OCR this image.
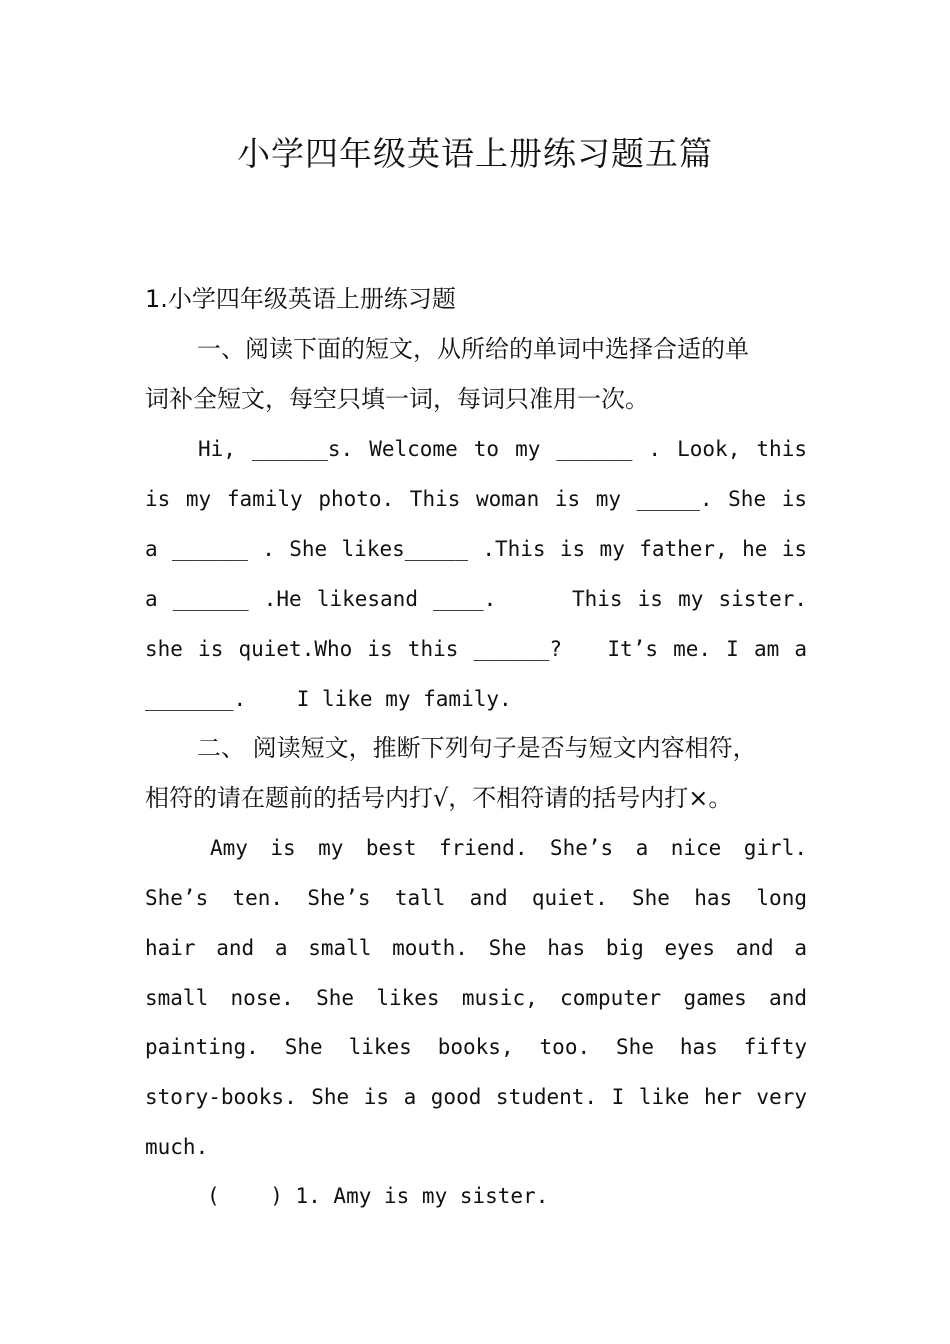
小学四年级英语上册练习题五篇
1.小学四年级英语上册练习题
一、阅读下面的短文，从所给的单词中选择合适的单
词补全短文，每空只填一词，每词只准用一次。
Hi, ______s. Welcome to my ______ . Look, this
is my family photo. This woman is my _____. She is
a ______ . She likes_____ .This is my father, he is
a ______ .He likesand ____.     This is my sister.
she is quiet.Who is this ______?   It’s me. I am a
_______.    I like my family.
二、 阅读短文，推断下列句子是否与短文内容相符，
相符的请在题前的括号内打√，不相符请的括号内打×。
Amy is my best friend. She’s a nice girl.
She’s ten. She’s tall and quiet. She has long
hair and a small mouth. She has big eyes and a
small nose. She likes music, computer games and
painting. She likes books, too. She has fifty
story-books. She is a good student. I like her very
much.
(    ) 1. Amy is my sister.
